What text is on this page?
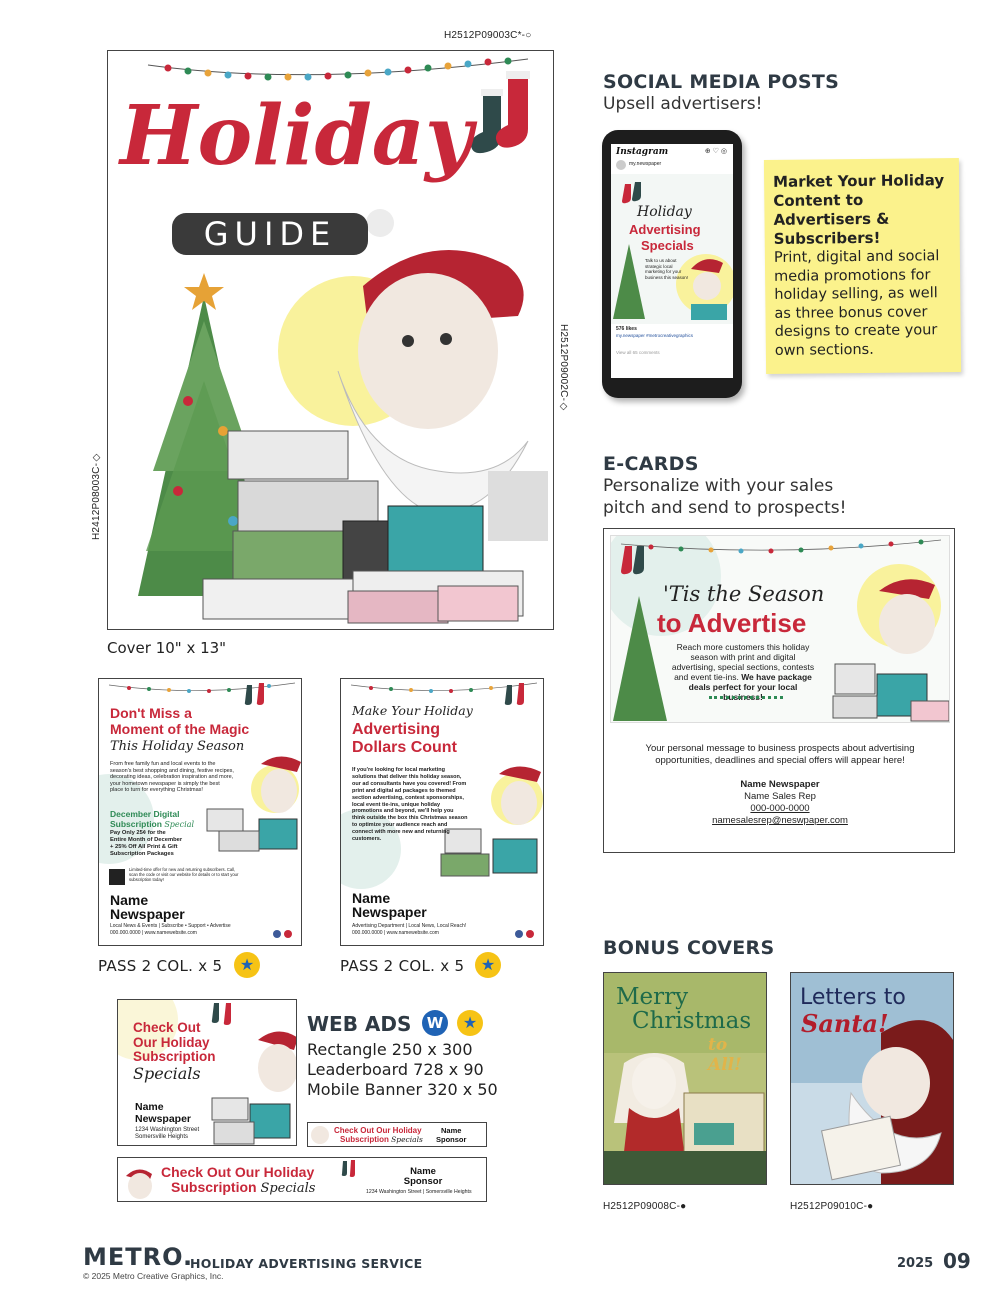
H2512P09003C*-○
H2412P08003C-◇
H2512P09002C-◇
Holiday
GUIDE
Cover 10" x 13"
SOCIAL MEDIA POSTS
Upsell advertisers!
Instagram	⊕ ♡ ◎
my.newspaper
Holiday
Advertising
Specials
Talk to us about strategic local marketing for your business this season!
576 likes
my.newspaper #metrocreativegraphics
View all 65 comments
Market Your Holiday Content to Advertisers & Subscribers!
Print, digital and social media promotions for holiday selling, as well as three bonus cover designs to create your own sections.
E-CARDS
Personalize with your sales
pitch and send to prospects!
'Tis the Season
to Advertise
Reach more customers this holiday season with print and digital advertising, special sections, contests and event tie-ins. We have package deals perfect for your local business!
Your personal message to business prospects about advertising opportunities, deadlines and special offers will appear here!
Name Newspaper
Name Sales Rep
000-000-0000
namesalesrep@neswpaper.com
Don't Miss a
Moment of the Magic
This Holiday Season
From free family fun and local events to the season's best shopping and dining, festive recipes, decorating ideas, celebration inspiration and more, your hometown newspaper is simply the best place to turn for everything Christmas!
December Digital
Subscription Special
Pay Only 25¢ for the
Entire Month of December
+ 25% Off All Print & Gift
Subscription Packages
Limited-time offer for new and returning subscribers. Call, scan the code or visit our website for details or to start your subscription today!
Name
Newspaper
Local News & Events | Subscribe • Support • Advertise
000.000.0000 | www.namewebsite.com
PASS 2 COL. x 5	★
Make Your Holiday
Advertising
Dollars Count
If you're looking for local marketing solutions that deliver this holiday season, our ad consultants have you covered! From print and digital ad packages to themed section advertising, contest sponsorships, local event tie-ins, unique holiday promotions and beyond, we'll help you think outside the box this Christmas season to optimize your audience reach and connect with more new and returning customers.
Name
Newspaper
Advertising Department | Local News, Local Reach!
000.000.0000 | www.namewebsite.com
PASS 2 COL. x 5	★
Check Out
Our Holiday
Subscription
Specials
Name
Newspaper
1234 Washington Street
Somersville Heights
WEB ADS	W	★
Rectangle 250 x 300
Leaderboard 728 x 90
Mobile Banner 320 x 50
Check Out Our Holiday
Subscription Specials
Name
Sponsor
Check Out Our Holiday
Subscription Specials
Name
Sponsor
1234 Washington Street | Somersville Heights
BONUS COVERS
Merry
Christmas
to All!
H2512P09008C-●
Letters to
Santa!
H2512P09010C-●
METRO.
HOLIDAY ADVERTISING SERVICE
© 2025 Metro Creative Graphics, Inc.
2025 09
